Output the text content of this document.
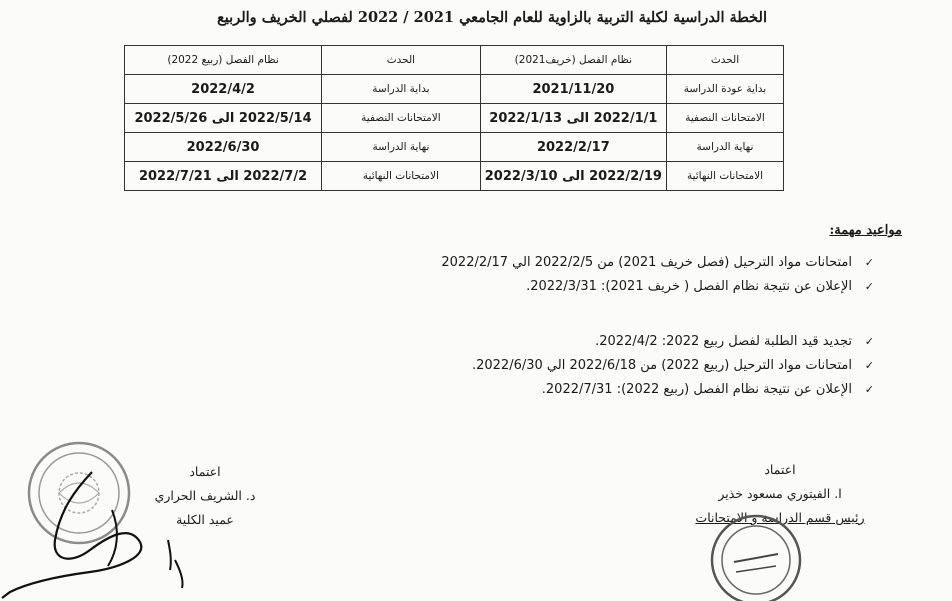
الخطة الدراسية لكلية التربية بالزاوية للعام الجامعي 2021 / 2022 لفصلي الخريف والربيع
الحدث	نظام الفصل (خريف2021)	الحدث	نظام الفصل (ربيع 2022)
بداية عودة الدراسة	2021/11/20	بداية الدراسة	2022/4/2
الامتحانات النصفية	2022/1/1 الى 2022/1/13	الامتحانات النصفية	2022/5/14 الى 2022/5/26
نهاية الدراسة	2022/2/17	نهاية الدراسة	2022/6/30
الامتحانات النهائية	2022/2/19 الى 2022/3/10	الامتحانات النهائية	2022/7/2 الى 2022/7/21
مواعيد مهمة:
✓امتحانات مواد الترحيل (فصل خريف 2021) من 2022/2/5 الي 2022/2/17
✓الإعلان عن نتيجة نظام الفصل ( خريف 2021): 2022/3/31.
✓تجديد قيد الطلبة لفصل ربيع 2022: 2022/4/2.
✓امتحانات مواد الترحيل (ربيع 2022) من 2022/6/18 الي 2022/6/30.
✓الإعلان عن نتيجة نظام الفصل (ربيع 2022): 2022/7/31.
اعتماد
د. الشريف الحراري
عميد الكلية
اعتماد
ا. الفيتوري مسعود خذير
رئيس قسم الدراسة و الامتحانات
